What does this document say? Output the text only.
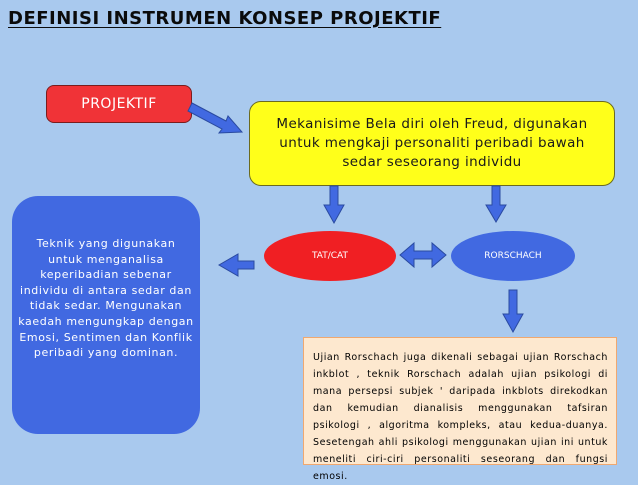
DEFINISI INSTRUMEN KONSEP PROJEKTIF
PROJEKTIF
Mekanisime Bela diri oleh Freud, digunakan untuk mengkaji personaliti peribadi bawah sedar seseorang individu
Teknik yang digunakan untuk menganalisa keperibadian sebenar individu di antara sedar dan tidak sedar. Mengunakan kaedah mengungkap dengan Emosi, Sentimen dan Konflik peribadi yang dominan.
TAT/CAT	RORSCHACH
Ujian Rorschach juga dikenali sebagai ujian Rorschach inkblot , teknik Rorschach adalah ujian psikologi di mana persepsi subjek ' daripada inkblots direkodkan dan kemudian dianalisis menggunakan tafsiran psikologi , algoritma kompleks, atau kedua-duanya. Sesetengah ahli psikologi menggunakan ujian ini untuk meneliti ciri-ciri personaliti seseorang dan fungsi emosi.
